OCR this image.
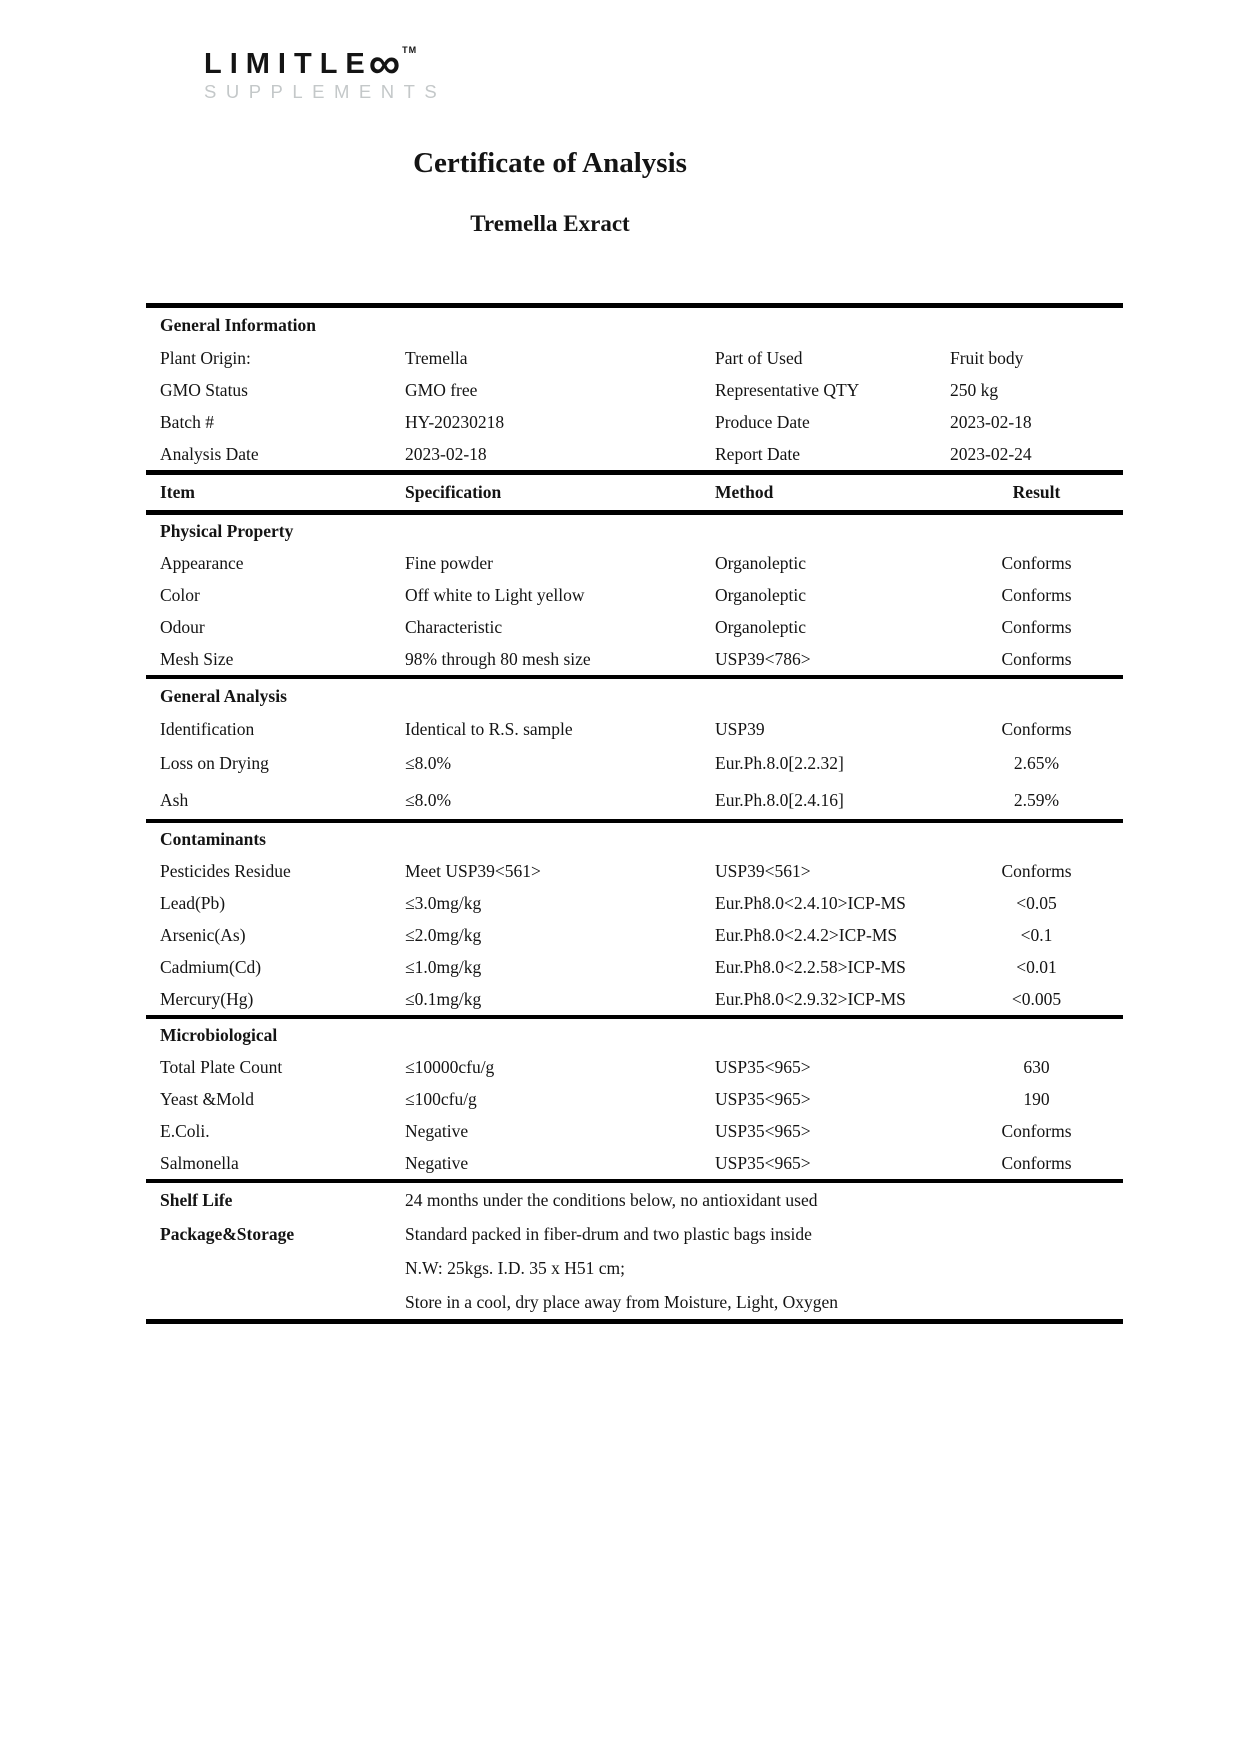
LIMITLE
∞ TM
SUPPLEMENTS
Certificate of Analysis
Tremella Exract
General Information
Plant Origin:	Tremella	Part of Used	Fruit body
GMO Status	GMO free	Representative QTY	250 kg
Batch #	HY-20230218	Produce Date	2023-02-18
Analysis Date	2023-02-18	Report Date	2023-02-24
Item	Specification	Method	Result
Physical Property
Appearance	Fine powder	Organoleptic	Conforms
Color	Off white to Light yellow	Organoleptic	Conforms
Odour	Characteristic	Organoleptic	Conforms
Mesh Size	98% through 80 mesh size	USP39<786>	Conforms
General Analysis
Identification	Identical to R.S. sample	USP39	Conforms
Loss on Drying	≤8.0%	Eur.Ph.8.0[2.2.32]	2.65%
Ash	≤8.0%	Eur.Ph.8.0[2.4.16]	2.59%
Contaminants
Pesticides Residue	Meet USP39<561>	USP39<561>	Conforms
Lead(Pb)	≤3.0mg/kg	Eur.Ph8.0<2.4.10>ICP-MS	<0.05
Arsenic(As)	≤2.0mg/kg	Eur.Ph8.0<2.4.2>ICP-MS	<0.1
Cadmium(Cd)	≤1.0mg/kg	Eur.Ph8.0<2.2.58>ICP-MS	<0.01
Mercury(Hg)	≤0.1mg/kg	Eur.Ph8.0<2.9.32>ICP-MS	<0.005
Microbiological
Total Plate Count	≤10000cfu/g	USP35<965>	630
Yeast &Mold	≤100cfu/g	USP35<965>	190
E.Coli.	Negative	USP35<965>	Conforms
Salmonella	Negative	USP35<965>	Conforms
Shelf Life	24 months under the conditions below, no antioxidant used
Package&Storage	Standard packed in fiber-drum and two plastic bags inside
N.W: 25kgs. I.D. 35 x H51 cm;
Store in a cool, dry place away from Moisture, Light, Oxygen
